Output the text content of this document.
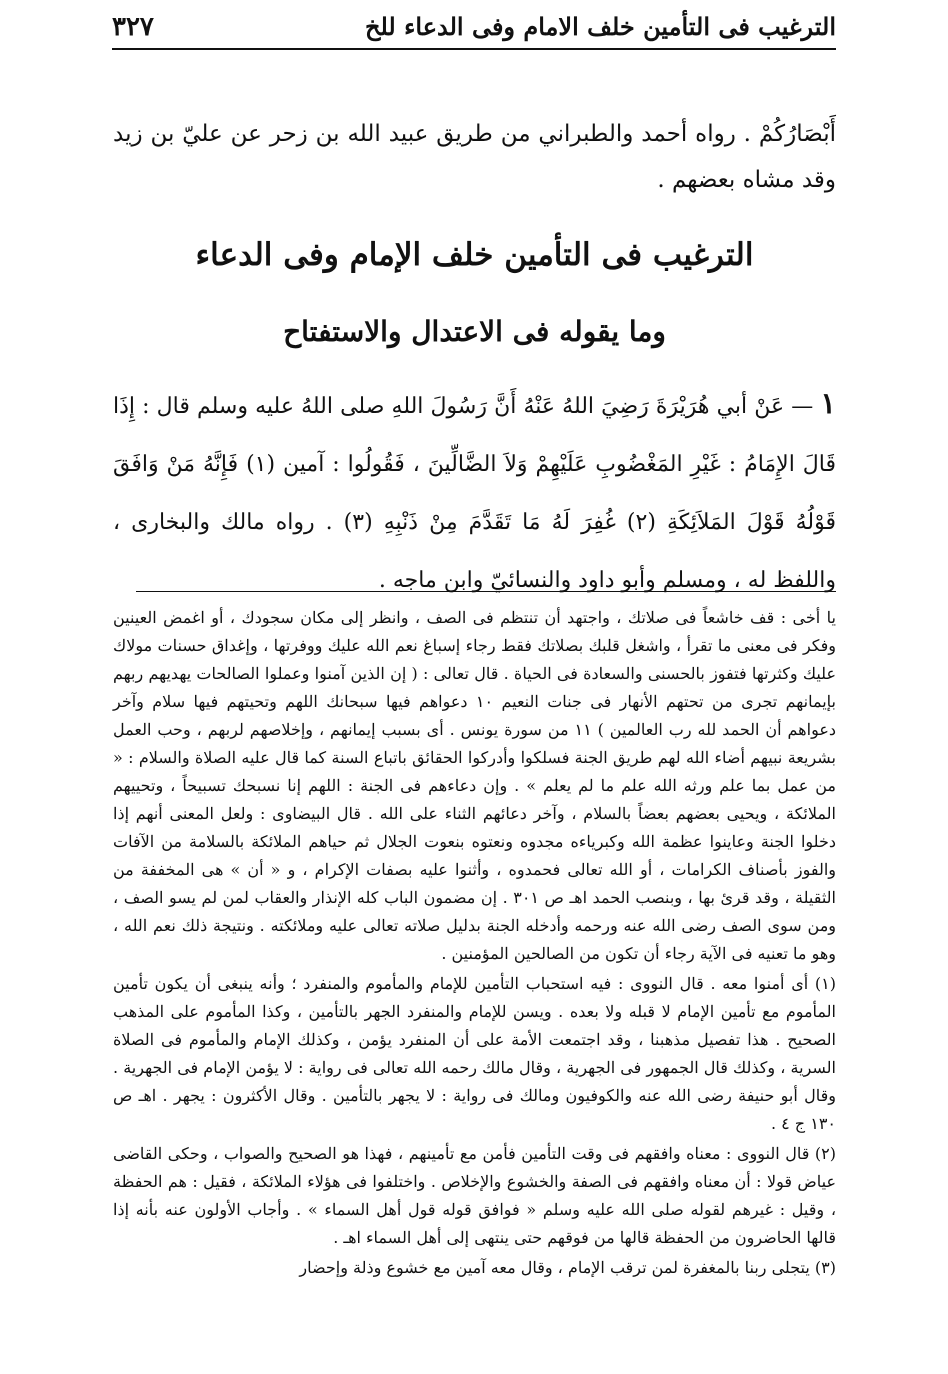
الترغيب فى التأمين خلف الامام وفى الدعاء للخ
٣٢٧

أَبْصَارُكُمْ . رواه أحمد والطبراني من طريق عبيد الله بن زحر عن عليّ بن زيد وقد مشاه بعضهم .

الترغيب فى التأمين خلف الإمام وفى الدعاء
وما يقوله فى الاعتدال والاستفتاح

١ — عَنْ أبي هُرَيْرَةَ رَضِيَ اللهُ عَنْهُ أَنَّ رَسُولَ اللهِ صلى اللهُ عليه وسلم قال : إِذَا قَالَ الإِمَامُ : غَيْرِ المَغْضُوبِ عَلَيْهِمْ وَلاَ الضَّالِّينَ ، فَقُولُوا : آمين (١) فَإِنَّهُ مَنْ وَافَقَ قَوْلُهُ قَوْلَ المَلاَئِكَةِ (٢) غُفِرَ لَهُ مَا تَقَدَّمَ مِنْ ذَنْبِهِ (٣) . رواه مالك والبخارى ، واللفظ له ، ومسلم وأبو داود والنسائيّ وابن ماجه .

يا أخى : قف خاشعاً فى صلاتك ، واجتهد أن تنتظم فى الصف ، وانظر إلى مكان سجودك ، أو اغمض العينين وفكر فى معنى ما تقرأ ، واشغل قلبك بصلاتك فقط رجاء إسباغ نعم الله عليك ووفرتها ، وإغداق حسنات مولاك عليك وكثرتها فتفوز بالحسنى والسعادة فى الحياة . قال تعالى : ( إن الذين آمنوا وعملوا الصالحات يهديهم ربهم بإيمانهم تجرى من تحتهم الأنهار فى جنات النعيم ١٠ دعواهم فيها سبحانك اللهم وتحيتهم فيها سلام وآخر دعواهم أن الحمد لله رب العالمين ) ١١ من سورة يونس . أى بسبب إيمانهم ، وإخلاصهم لربهم ، وحب العمل بشريعة نبيهم أضاء الله لهم طريق الجنة فسلكوا وأدركوا الحقائق باتباع السنة كما قال عليه الصلاة والسلام : « من عمل بما علم ورثه الله علم ما لم يعلم » . وإن دعاءهم فى الجنة : اللهم إنا نسبحك تسبيحاً ، وتحييهم الملائكة ، ويحيى بعضهم بعضاً بالسلام ، وآخر دعائهم الثناء على الله . قال البيضاوى : ولعل المعنى أنهم إذا دخلوا الجنة وعاينوا عظمة الله وكبرياءه مجدوه ونعتوه بنعوت الجلال ثم حياهم الملائكة بالسلامة من الآفات والفوز بأصناف الكرامات ، أو الله تعالى فحمدوه ، وأثنوا عليه بصفات الإكرام ، و « أن » هى المخففة من الثقيلة ، وقد قرئ بها ، وبنصب الحمد اهـ ص ٣٠١ . إن مضمون الباب كله الإنذار والعقاب لمن لم يسو الصف ، ومن سوى الصف رضى الله عنه ورحمه وأدخله الجنة بدليل صلاته تعالى عليه وملائكته . ونتيجة ذلك نعم الله ، وهو ما تعنيه فى الآية رجاء أن تكون من الصالحين المؤمنين .

(١) أى أمنوا معه . قال النووى : فيه استحباب التأمين للإمام والمأموم والمنفرد ؛ وأنه ينبغى أن يكون تأمين المأموم مع تأمين الإمام لا قبله ولا بعده . ويسن للإمام والمنفرد الجهر بالتأمين ، وكذا المأموم على المذهب الصحيح . هذا تفصيل مذهبنا ، وقد اجتمعت الأمة على أن المنفرد يؤمن ، وكذلك الإمام والمأموم فى الصلاة السرية ، وكذلك قال الجمهور فى الجهرية ، وقال مالك رحمه الله تعالى فى رواية : لا يؤمن الإمام فى الجهرية . وقال أبو حنيفة رضى الله عنه والكوفيون ومالك فى رواية : لا يجهر بالتأمين . وقال الأكثرون : يجهر . اهـ ص ١٣٠ ج ٤ .

(٢) قال النووى : معناه وافقهم فى وقت التأمين فأمن مع تأمينهم ، فهذا هو الصحيح والصواب ، وحكى القاضى عياض قولا : أن معناه وافقهم فى الصفة والخشوع والإخلاص . واختلفوا فى هؤلاء الملائكة ، فقيل : هم الحفظة ، وقيل : غيرهم لقوله صلى الله عليه وسلم « فوافق قوله قول أهل السماء » . وأجاب الأولون عنه بأنه إذا قالها الحاضرون من الحفظة قالها من فوقهم حتى ينتهى إلى أهل السماء اهـ .

(٣) يتجلى ربنا بالمغفرة لمن ترقب الإمام ، وقال معه آمين مع خشوع وذلة وإحضار
